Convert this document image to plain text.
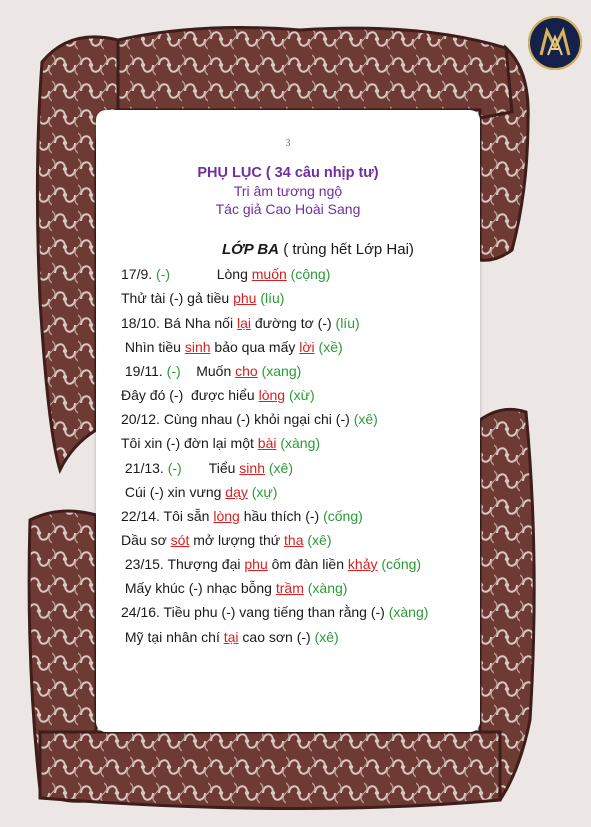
3
PHỤ LỤC ( 34 câu nhịp tư)
Tri âm tương ngộ
Tác giả Cao Hoài Sang
LỚP BA ( trùng hết Lớp Hai)
17/9. (-)            Lòng muốn (cộng)
Thử tài (-) gả tiều phu (líu)
18/10. Bá Nha nối lại đường tơ (-) (líu)
Nhìn tiều sinh bảo qua mấy lời (xề)
19/11. (-)    Muốn cho (xang)
Đây đó (-)  được hiểu lòng (xừ)
20/12. Cùng nhau (-) khỏi ngại chi (-) (xê)
Tôi xin (-) đờn lại một bài (xàng)
21/13. (-)       Tiểu sinh (xê)
Cúi (-) xin vưng dạy (xự)
22/14. Tôi sẵn lòng hầu thích (-) (cống)
Dầu sơ sót mở lượng thứ tha (xê)
23/15. Thượng đại phu ôm đàn liền khảy (cống)
Mấy khúc (-) nhạc bỗng trầm (xàng)
24/16. Tiều phu (-) vang tiếng than rằng (-) (xàng)
Mỹ tại nhân chí tại cao sơn (-) (xê)
